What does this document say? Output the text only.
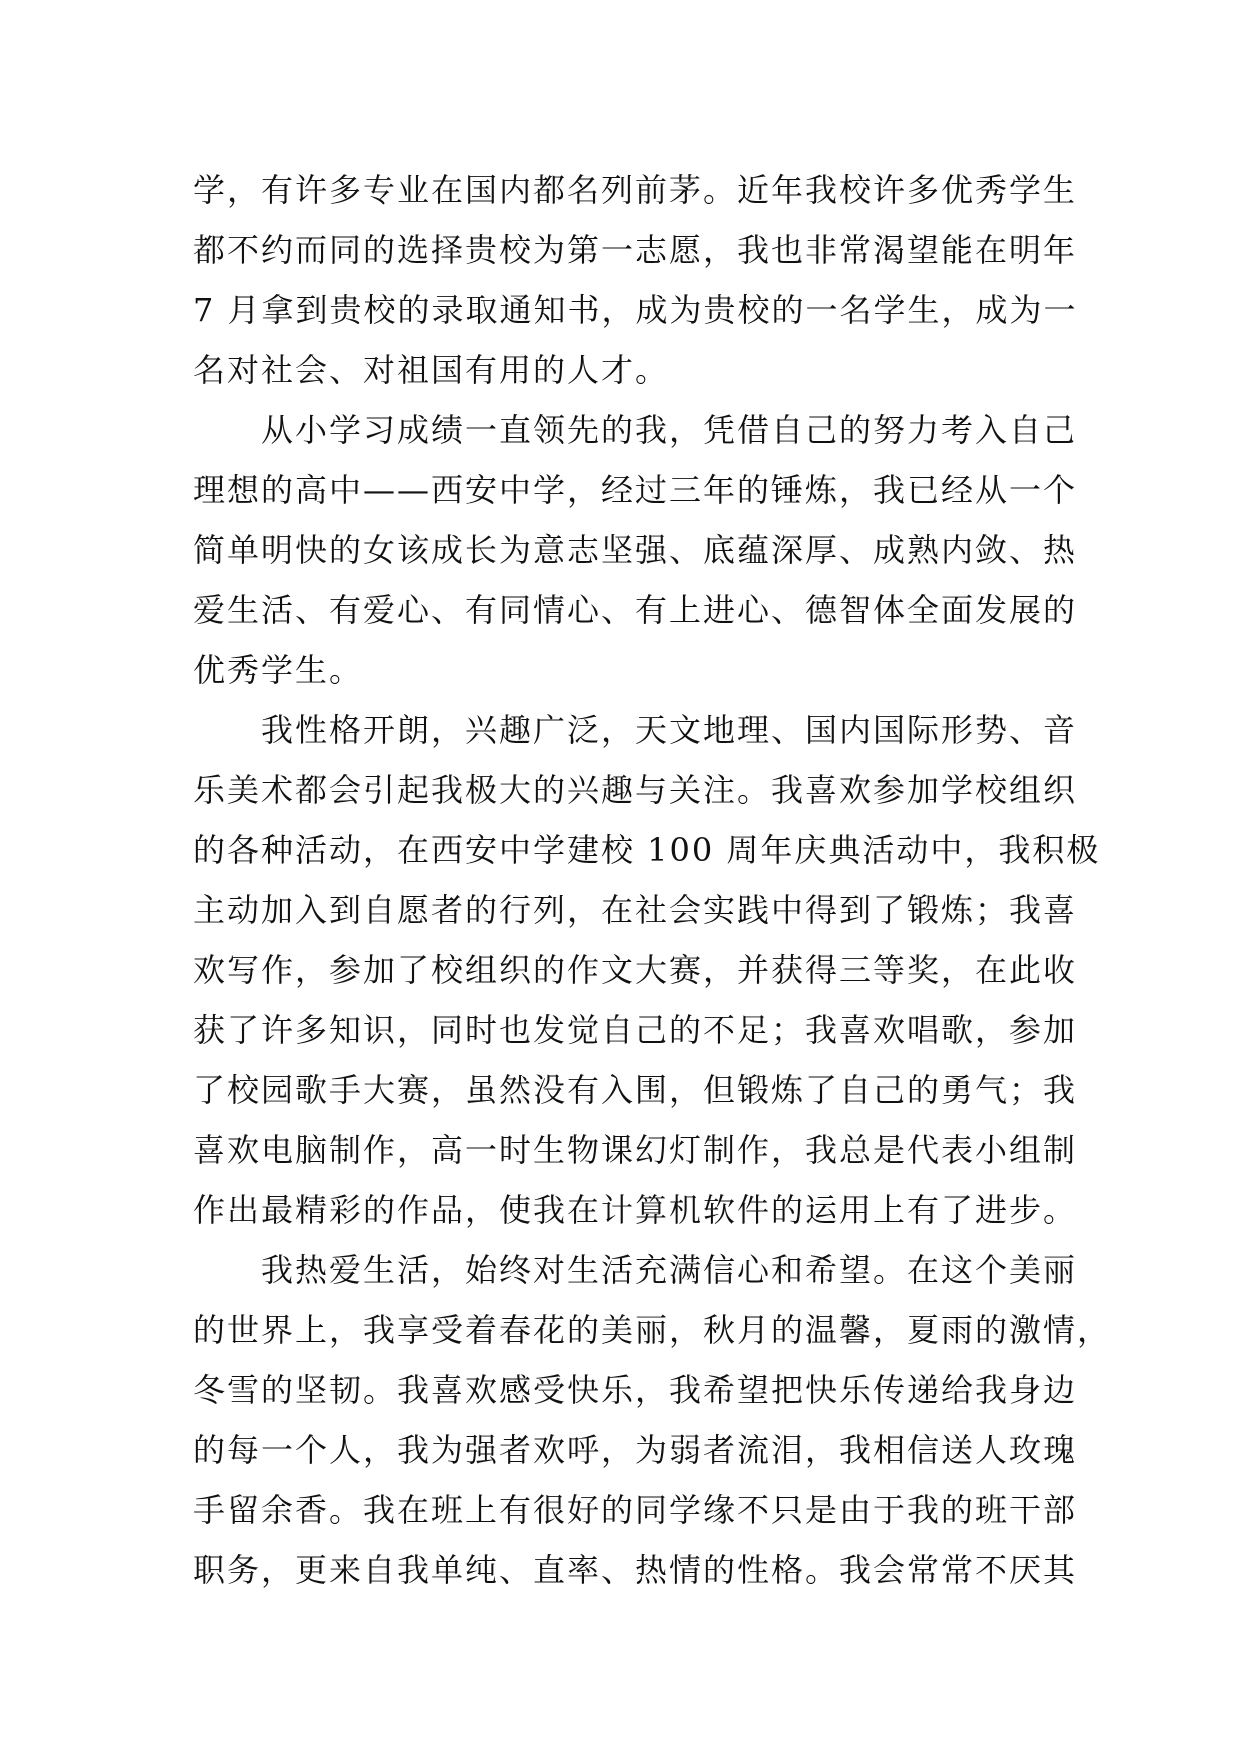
学，有许多专业在国内都名列前茅。近年我校许多优秀学生
都不约而同的选择贵校为第一志愿，我也非常渴望能在明年
7 月拿到贵校的录取通知书，成为贵校的一名学生，成为一
名对社会、对祖国有用的人才。
从小学习成绩一直领先的我，凭借自己的努力考入自己
理想的高中——西安中学，经过三年的锤炼，我已经从一个
简单明快的女该成长为意志坚强、底蕴深厚、成熟内敛、热
爱生活、有爱心、有同情心、有上进心、德智体全面发展的
优秀学生。
我性格开朗，兴趣广泛，天文地理、国内国际形势、音
乐美术都会引起我极大的兴趣与关注。我喜欢参加学校组织
的各种活动，在西安中学建校 100 周年庆典活动中，我积极
主动加入到自愿者的行列，在社会实践中得到了锻炼；我喜
欢写作，参加了校组织的作文大赛，并获得三等奖，在此收
获了许多知识，同时也发觉自己的不足；我喜欢唱歌，参加
了校园歌手大赛，虽然没有入围，但锻炼了自己的勇气；我
喜欢电脑制作，高一时生物课幻灯制作，我总是代表小组制
作出最精彩的作品，使我在计算机软件的运用上有了进步。
我热爱生活，始终对生活充满信心和希望。在这个美丽
的世界上，我享受着春花的美丽，秋月的温馨，夏雨的激情，
冬雪的坚韧。我喜欢感受快乐，我希望把快乐传递给我身边
的每一个人，我为强者欢呼，为弱者流泪，我相信送人玫瑰
手留余香。我在班上有很好的同学缘不只是由于我的班干部
职务，更来自我单纯、直率、热情的性格。我会常常不厌其
